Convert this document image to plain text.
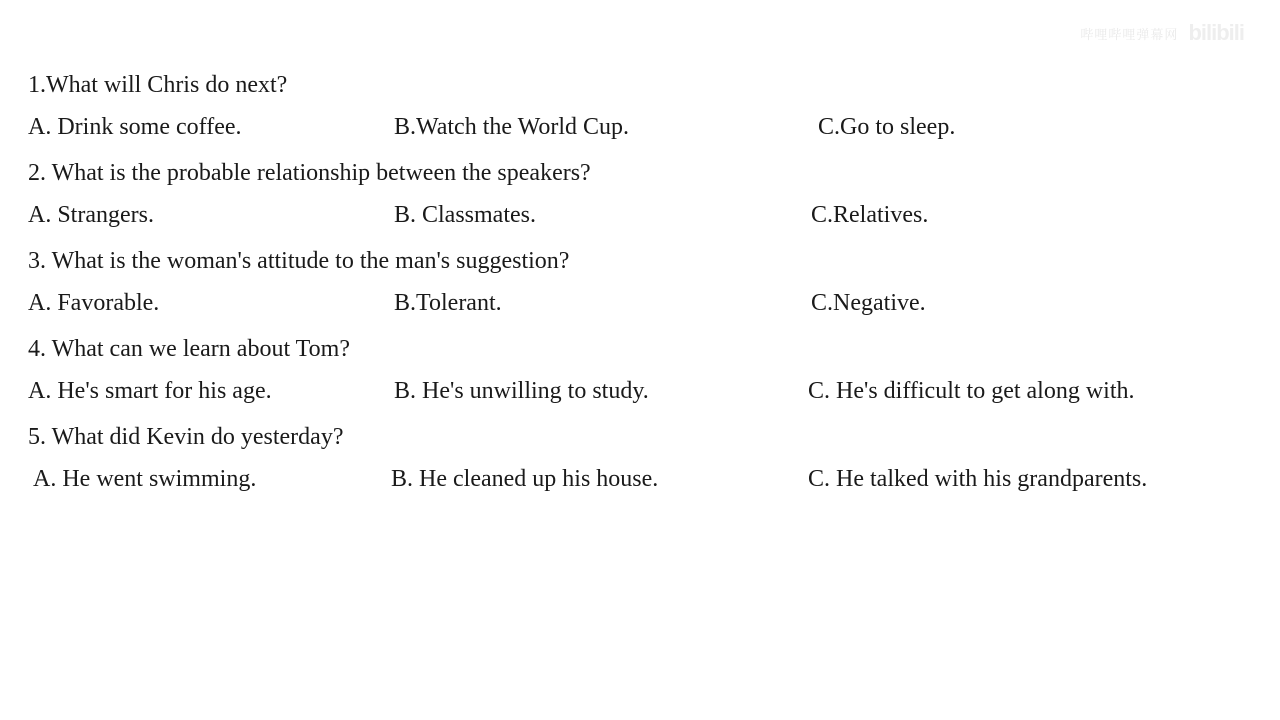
哔哩哔哩弹幕网 bilibili
1.What will Chris do next?
A. Drink some coffee.	B.Watch the World Cup.	C.Go to sleep.
2. What is the probable relationship between the speakers?
A. Strangers.	B. Classmates.	C.Relatives.
3. What is the woman's attitude to the man's suggestion?
A. Favorable.	B.Tolerant.	C.Negative.
4. What can we learn about Tom?
A. He's smart for his age.	B. He's unwilling to study.	C. He's difficult to get along with.
5. What did Kevin do yesterday?
A. He went swimming.	B. He cleaned up his house.	C. He talked with his grandparents.
